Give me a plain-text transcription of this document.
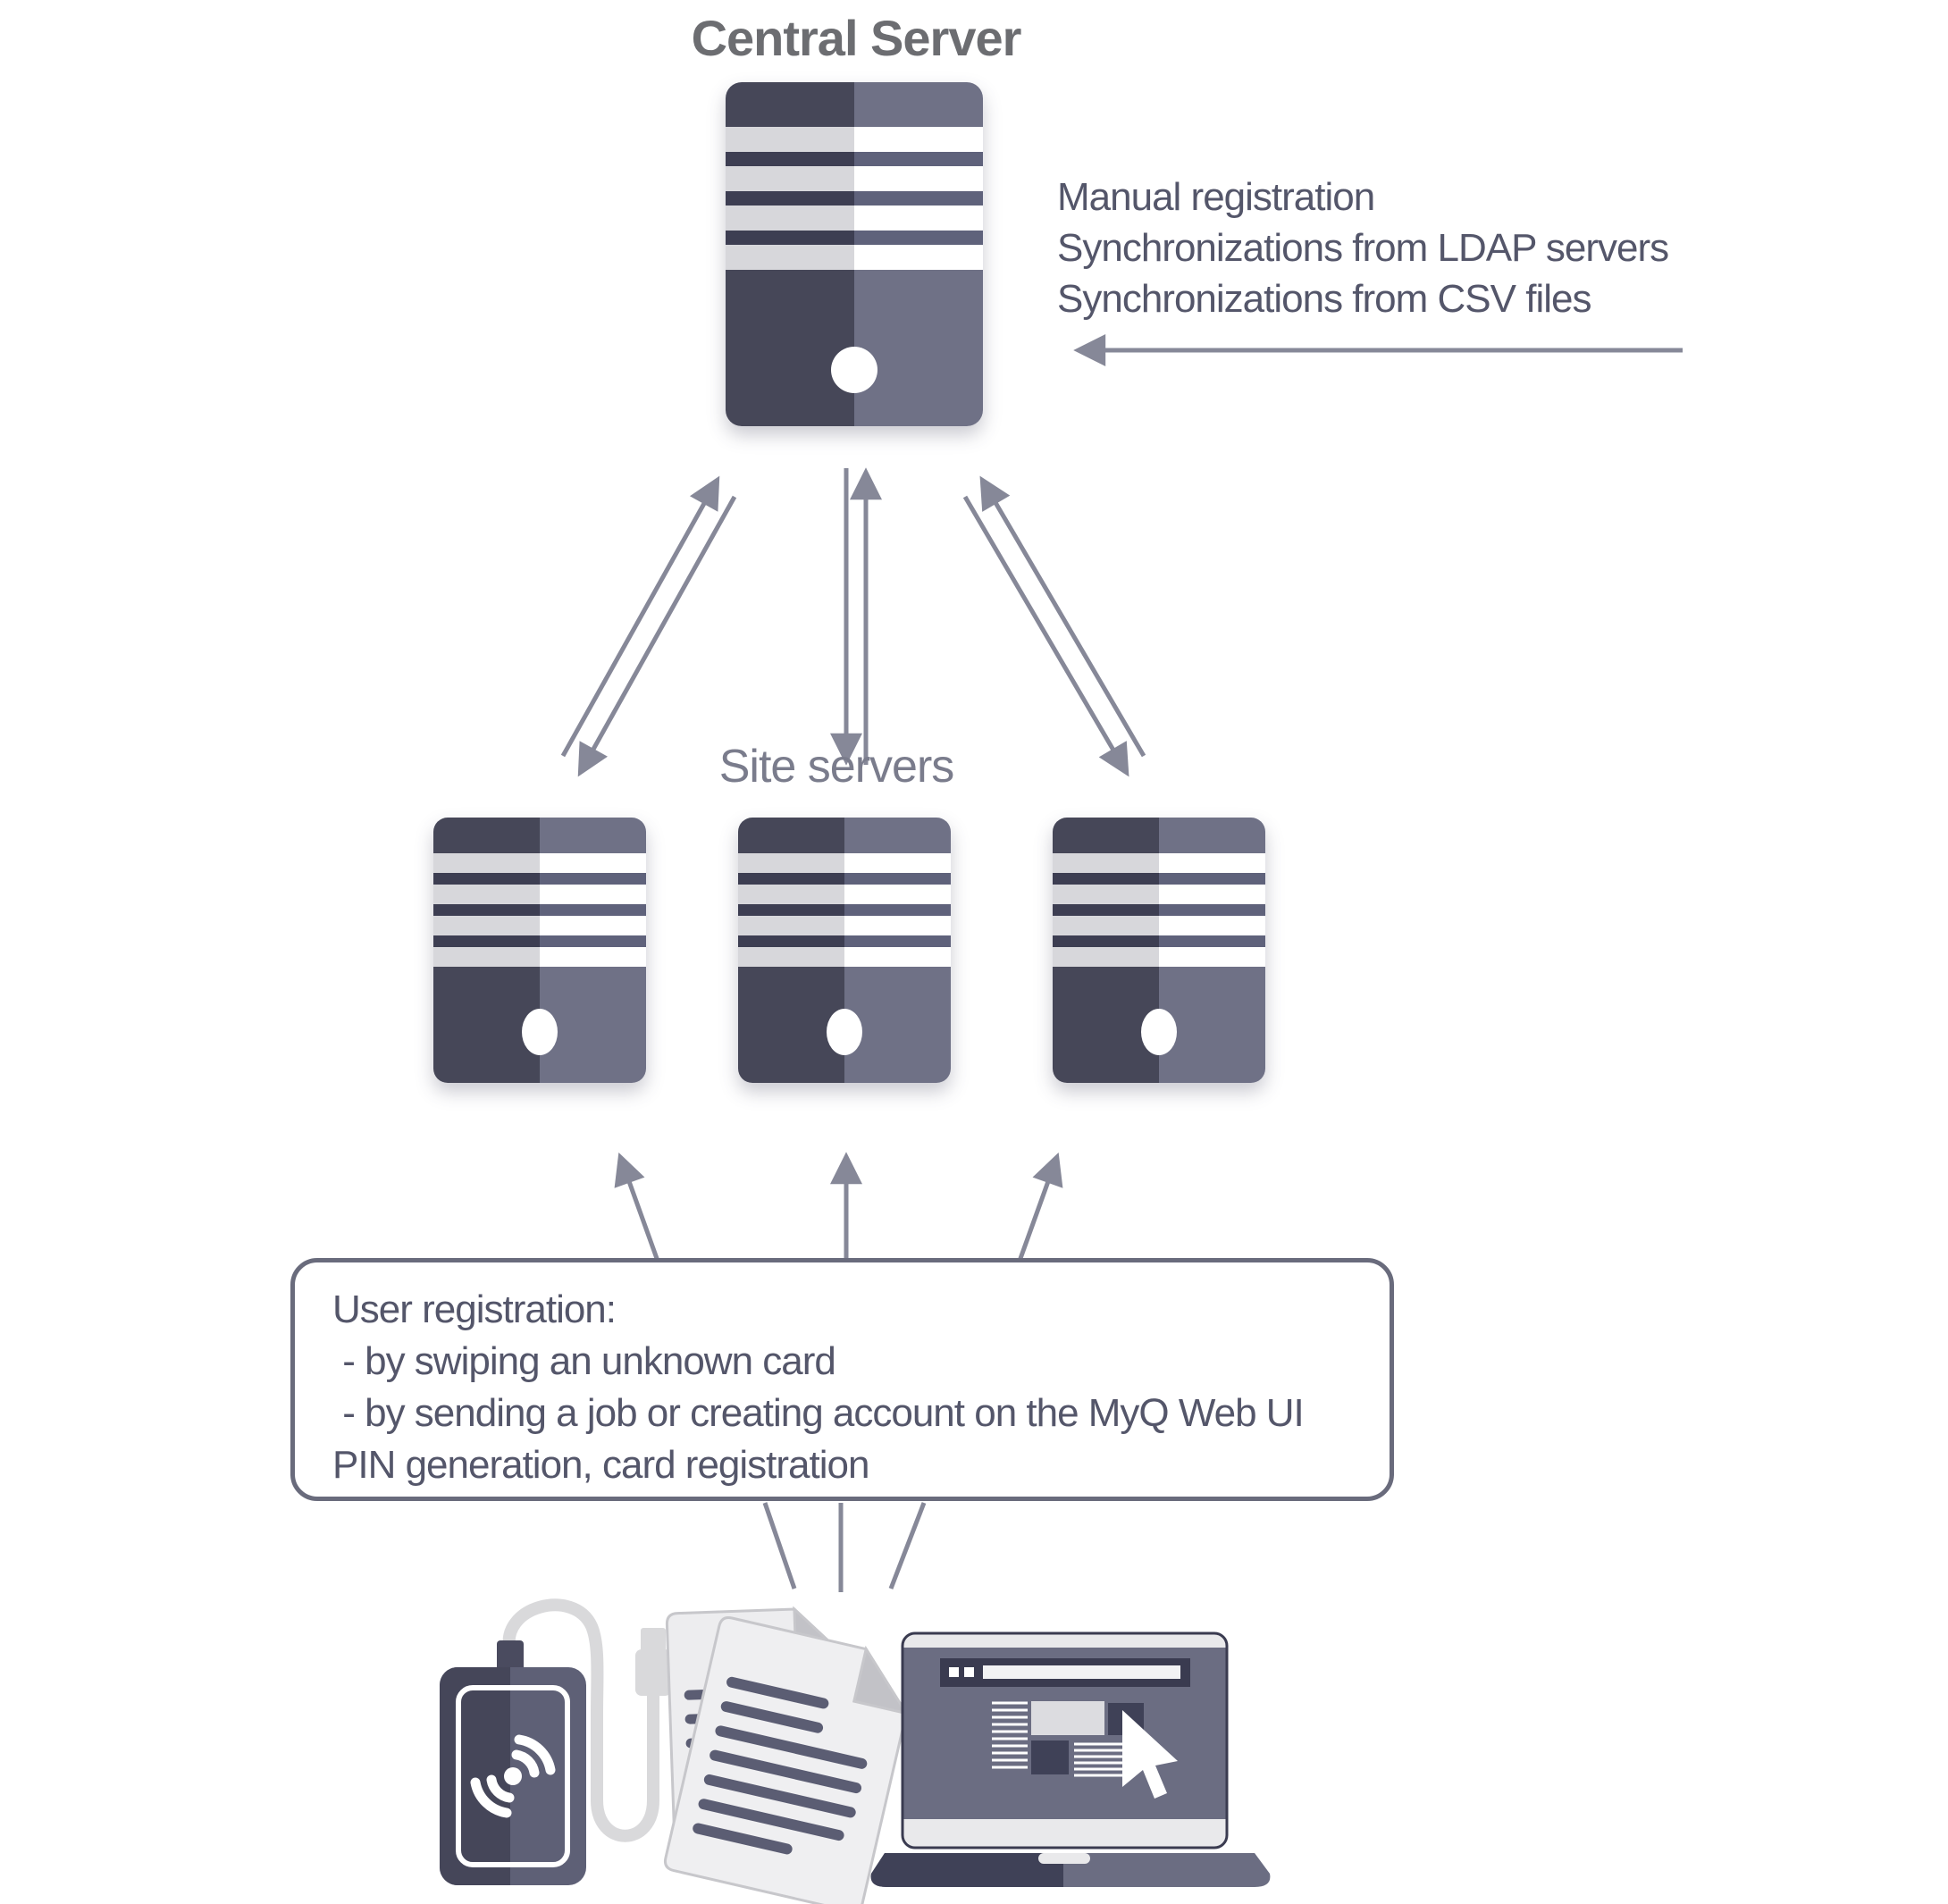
Central Server
Manual registration
Synchronizations from LDAP servers
Synchronizations from CSV files
Site servers
User registration:
- by swiping an unknown card
- by sending a job or creating account on the MyQ Web UI
PIN generation, card registration
